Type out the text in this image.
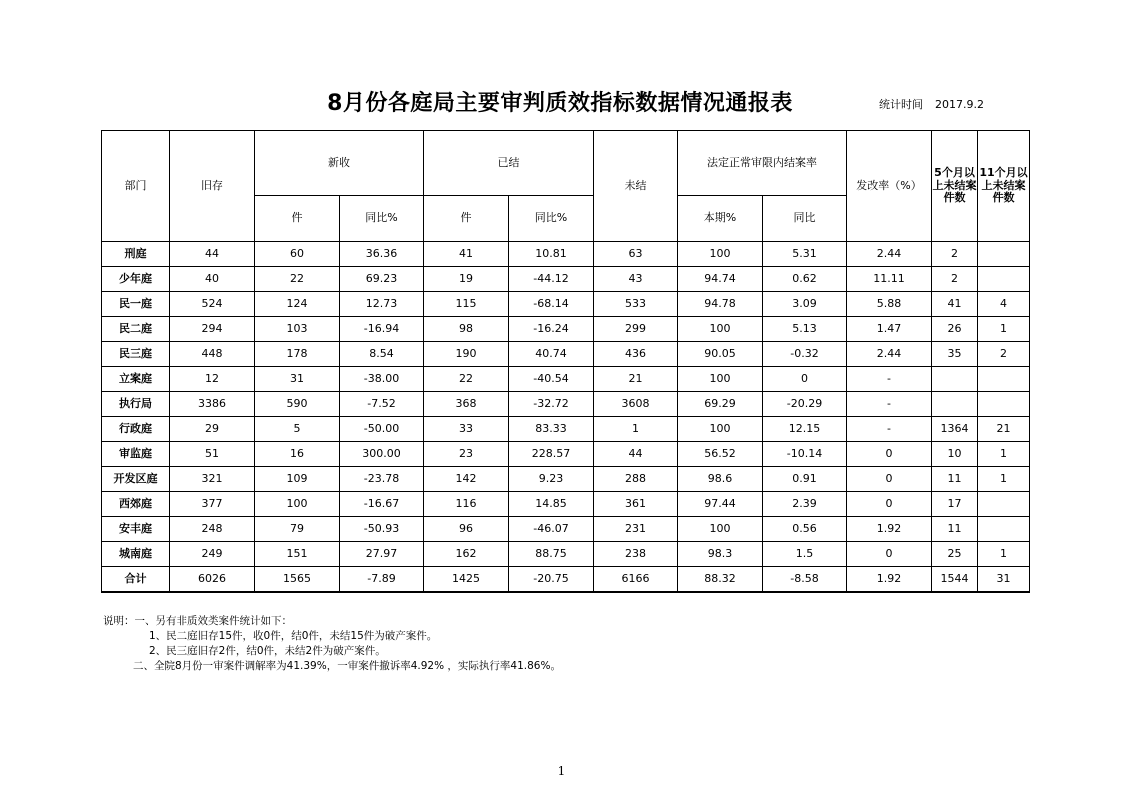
8月份各庭局主要审判质效指标数据情况通报表	统计时间 2017.9.2
部门	旧存	新收		已结		未结	法定正常审限内结案率		发改率（%）	5个月以上未结案件数	11个月以上未结案件数
		件	同比%	件	同比%		本期%	同比			
刑庭	44	60	36.36	41	10.81	63	100	5.31	2.44	2	
少年庭	40	22	69.23	19	-44.12	43	94.74	0.62	11.11	2	
民一庭	524	124	12.73	115	-68.14	533	94.78	3.09	5.88	41	4
民二庭	294	103	-16.94	98	-16.24	299	100	5.13	1.47	26	1
民三庭	448	178	8.54	190	40.74	436	90.05	-0.32	2.44	35	2
立案庭	12	31	-38.00	22	-40.54	21	100	0	-		
执行局	3386	590	-7.52	368	-32.72	3608	69.29	-20.29	-		
行政庭	29	5	-50.00	33	83.33	1	100	12.15	-	1364	21
审监庭	51	16	300.00	23	228.57	44	56.52	-10.14	0	10	1
开发区庭	321	109	-23.78	142	9.23	288	98.6	0.91	0	11	1
西郊庭	377	100	-16.67	116	14.85	361	97.44	2.39	0	17	
安丰庭	248	79	-50.93	96	-46.07	231	100	0.56	1.92	11	
城南庭	249	151	27.97	162	88.75	238	98.3	1.5	0	25	1
合计	6026	1565	-7.89	1425	-20.75	6166	88.32	-8.58	1.92	1544	31
说明：一、另有非质效类案件统计如下：
1、民二庭旧存15件，收0件，结0件，未结15件为破产案件。
2、民三庭旧存2件，结0件，未结2件为破产案件。
二、全院8月份一审案件调解率为41.39%，一审案件撤诉率4.92% ，实际执行率41.86%。
1
